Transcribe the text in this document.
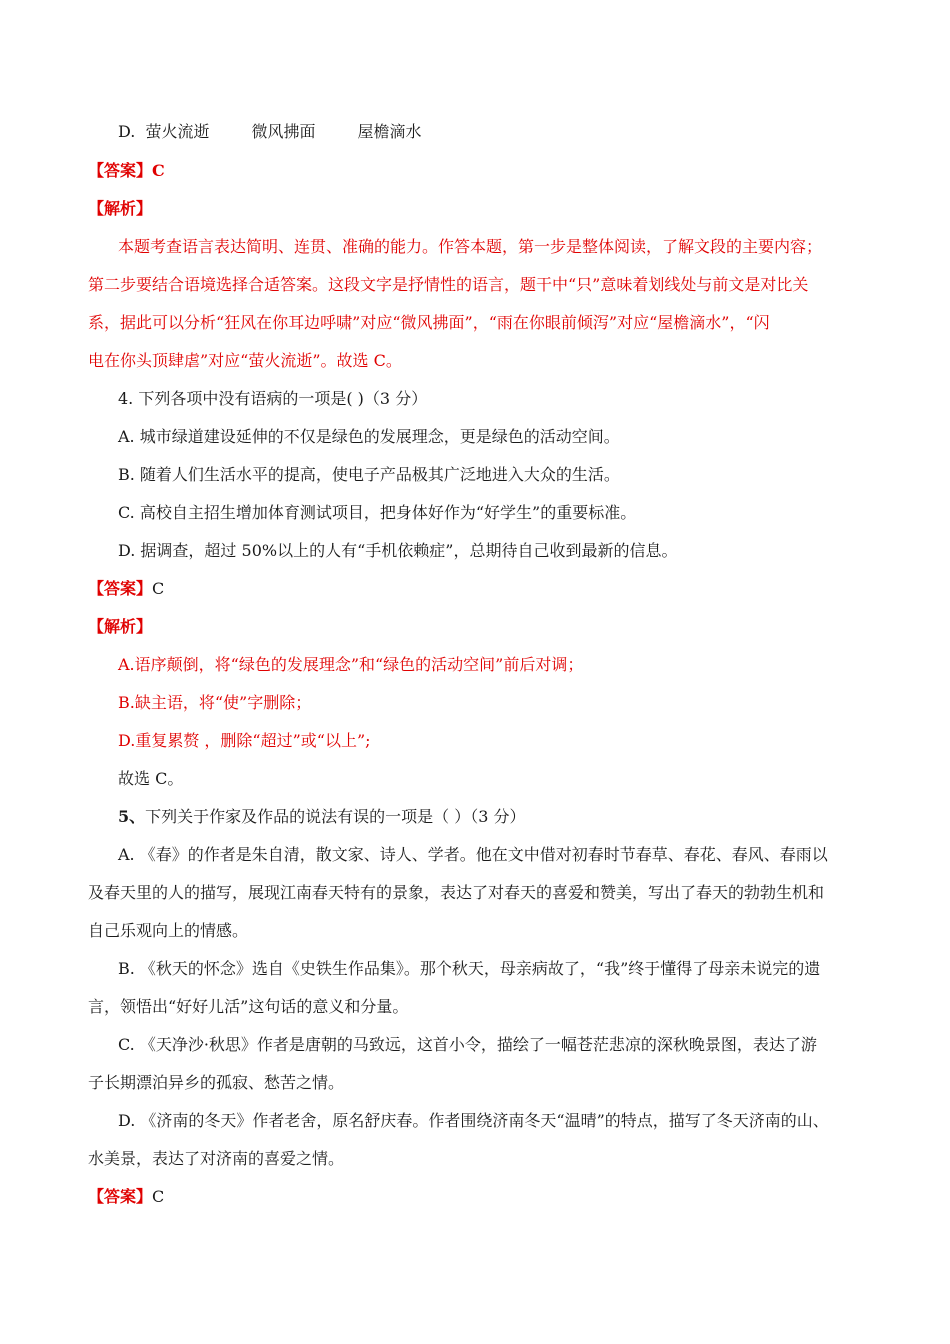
D. 萤火流逝	微风拂面	屋檐滴水
【答案】C
【解析】
本题考查语言表达简明、连贯、准确的能力。作答本题，第一步是整体阅读，了解文段的主要内容；
第二步要结合语境选择合适答案。这段文字是抒情性的语言，题干中“只”意味着划线处与前文是对比关
系，据此可以分析“狂风在你耳边呼啸”对应“微风拂面”，“雨在你眼前倾泻”对应“屋檐滴水”，“闪
电在你头顶肆虐”对应“萤火流逝”。故选 C。
4. 下列各项中没有语病的一项是( )（3 分）
A. 城市绿道建设延伸的不仅是绿色的发展理念，更是绿色的活动空间。
B. 随着人们生活水平的提高，使电子产品极其广泛地进入大众的生活。
C. 高校自主招生增加体育测试项目，把身体好作为“好学生”的重要标准。
D. 据调查，超过 50%以上的人有“手机依赖症”，总期待自己收到最新的信息。
【答案】C
【解析】
A.语序颠倒，将“绿色的发展理念”和“绿色的活动空间”前后对调；
B.缺主语，将“使”字删除；
D.重复累赘 ，删除“超过”或“以上”;
故选 C。
5、下列关于作家及作品的说法有误的一项是（ ）（3 分）
A. 《春》的作者是朱自清，散文家、诗人、学者。他在文中借对初春时节春草、春花、春风、春雨以
及春天里的人的描写，展现江南春天特有的景象，表达了对春天的喜爱和赞美，写出了春天的勃勃生机和
自己乐观向上的情感。
B. 《秋天的怀念》选自《史铁生作品集》。那个秋天，母亲病故了，“我”终于懂得了母亲未说完的遗
言，领悟出“好好儿活”这句话的意义和分量。
C. 《天净沙·秋思》作者是唐朝的马致远，这首小令，描绘了一幅苍茫悲凉的深秋晚景图，表达了游
子长期漂泊异乡的孤寂、愁苦之情。
D. 《济南的冬天》作者老舍，原名舒庆春。作者围绕济南冬天“温晴”的特点，描写了冬天济南的山、
水美景，表达了对济南的喜爱之情。
【答案】C
